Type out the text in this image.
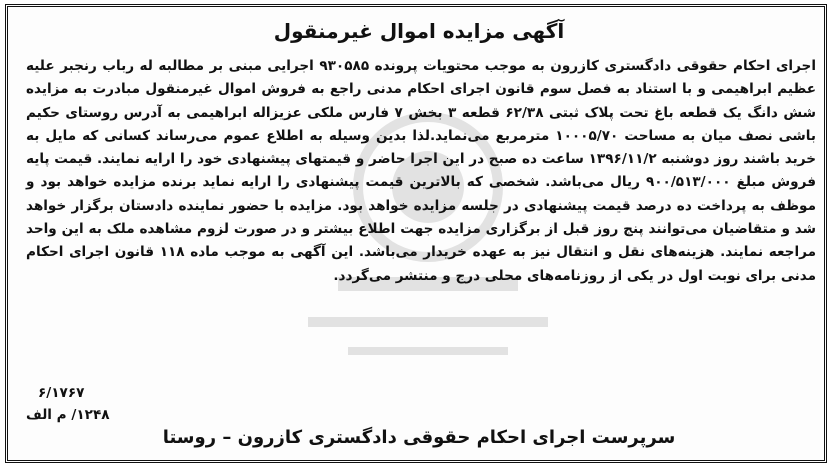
آگهی مزایده اموال غیرمنقول

اجرای احکام حقوقی دادگستری کازرون به موجب محتویات پرونده ۹۳۰۵۸۵ اجرایی مبنی بر مطالبه له رباب رنجبر علیه عظیم ابراهیمی و با استناد به فصل سوم قانون اجرای احکام مدنی راجع به فروش اموال غیرمنقول مبادرت به مزایده شش دانگ یک قطعه باغ تحت پلاک ثبتی ۶۲/۳۸ قطعه ۳ بخش ۷ فارس ملکی عزیزاله ابراهیمی به آدرس روستای حکیم باشی نصف میان به مساحت ۱۰۰۰۵/۷۰ مترمربع می‌نماید.لذا بدین وسیله به اطلاع عموم می‌رساند کسانی که مایل به خرید باشند روز دوشنبه ۱۳۹۶/۱۱/۲ ساعت ده صبح در این اجرا حاضر و قیمتهای پیشنهادی خود را ارایه نمایند. قیمت پایه فروش مبلغ ۹۰۰/۵۱۳/۰۰۰ ریال می‌باشد. شخصی که بالاترین قیمت پیشنهادی را ارایه نماید برنده مزایده خواهد بود و موظف به پرداخت ده درصد قیمت پیشنهادی در جلسه مزایده خواهد بود. مزایده با حضور نماینده دادستان برگزار خواهد شد و متقاضیان می‌توانند پنج روز قبل از برگزاری مزایده جهت اطلاع بیشتر و در صورت لزوم مشاهده ملک به این واحد مراجعه نمایند. هزینه‌های نقل و انتقال نیز به عهده خریدار می‌باشد. این آگهی به موجب ماده ۱۱۸ قانون اجرای احکام مدنی برای نوبت اول در یکی از روزنامه‌های محلی درج و منتشر می‌گردد.

۶/۱۷۶۷
۱۲۴۸/ م الف
سرپرست اجرای احکام حقوقی دادگستری کازرون – روستا
